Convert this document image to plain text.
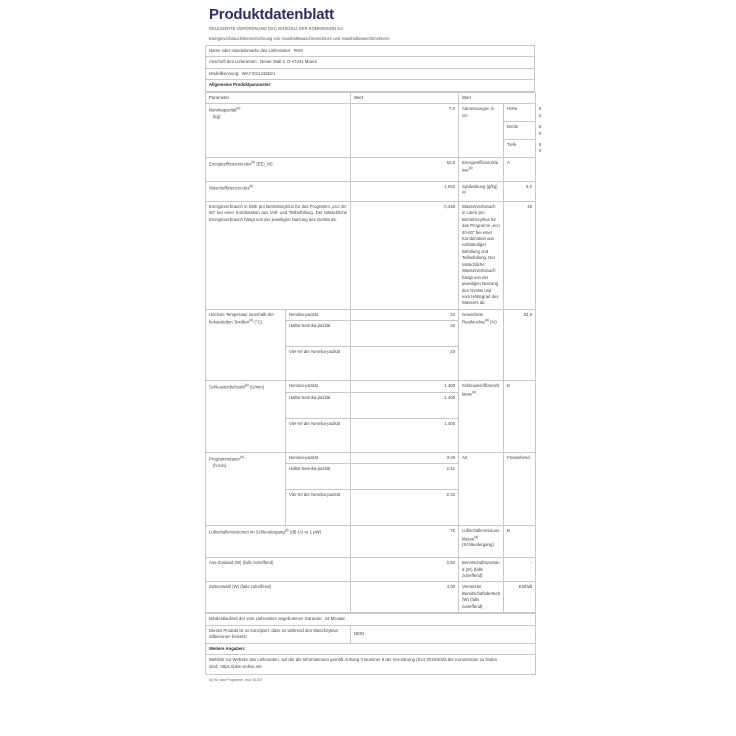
Produktdatenblatt
DELEGIERTE VERORDNUNG (EU) 2019/2014 DER KOMMISSION zur
Energieverbrauchskennzeichnung von Haushaltswaschmaschinen und Haushaltswaschtrocknern
Name oder Handelsmarke des Lieferanten: PKM
Anschrift des Lieferanten: Neuer Wall 2, D-47441 Moers
Modellkennung: WA7-ES1416DAI
Allgemeine Produktparameter:
Parameter		Wert	Wert		
Nennkapazität$^{(a)}$
(kg)		7,0	Abmessungen in cm	Höhe	85
				Breite	60
				Tiefe	50
Energieeffizienzin-dex$^{(a)}$ (EEI_W)		52,0	Energieeffizienzklasse$^{(a)}$	A	
Wascheffizienzin-dex$^{(a)}$		1,053	Spülwirkung $(g/kg)^{(a)}$	5,0	
Energieverbrauch in kWh pro Betriebszyklus für das Programm „eco 40-60" bei einer Kombination aus Voll- und Teilbefüllung. Der tatsächliche Energieverbrauch hängt von der jeweiligen Nutzung des Geräts ab.	0,448	Wasserverbrauch in Litern pro Betriebszyklus für das Programm „eco 40-60" bei einer Kombination aus vollständiger Befüllung und Teilbefüllung. Der tatsächliche Wasserverbrauch hängt von der jeweiligen Nutzung des Geräts und vom Härtegrad des Wassers ab.	45
Höchste Temperatur innerhalb der behandelten Textilien$^{(a)}$ (°C)	Nennka-pazität	34	Gewichtete Restfeuchte$^{(a)}$ (%)	53,9	
	Halbe Nennka-pazität	32			
	Vier-tel der Nennka-pazität	23			
Schleuderdrehzahl$^{(a)}$ (U/min)	Nennka-pazität	1.400	Schleudereffizienzklasse$^{(a)}$	B	
	Halbe Nennka-pazität	1.400			
	Vier-tel der Nennka-pazität	1.400			
Programmdauer$^{(a)}$
(h:min)	Nennka-pazität	3:28	Art	Freistehend	
	Halbe Nennka-pazität	2:42			
	Vier-tel der Nennka-pazität	2:34			
Luftschallemissionen im Schleudergang$^{(a)}$ (dB (A) re 1 pW)		75	Luftschallemissionsklasse$^{(a)}$
(Schleudergang)	B	
Aus-Zustand (W) (falls zutreffend)		0,50	Bereitschaftszustand (W) (falls zutreffend)	-	
Zeitvorwahl (W) (falls zutreffend)		4,00	Vernetzter Bereitschaftsbetrieb (W) (falls zutreffend)	Entfällt	
Mindestlaufzeit der vom Lieferanten angebotenen Garantie: 24 Monate
Dieses Produkt ist so konzipiert, dass es während des Waschzyklus Silberionen freisetzt	NEIN
Weitere Angaben:
Weblink zur Website des Lieferanten, auf der die Informationen gemäß Anhang II Nummer 9 der Verordnung (EU) 2019/2023 der Kommission zu finden sind: https://pkm-online.net
(a) für das Programm „eco 40-60"
